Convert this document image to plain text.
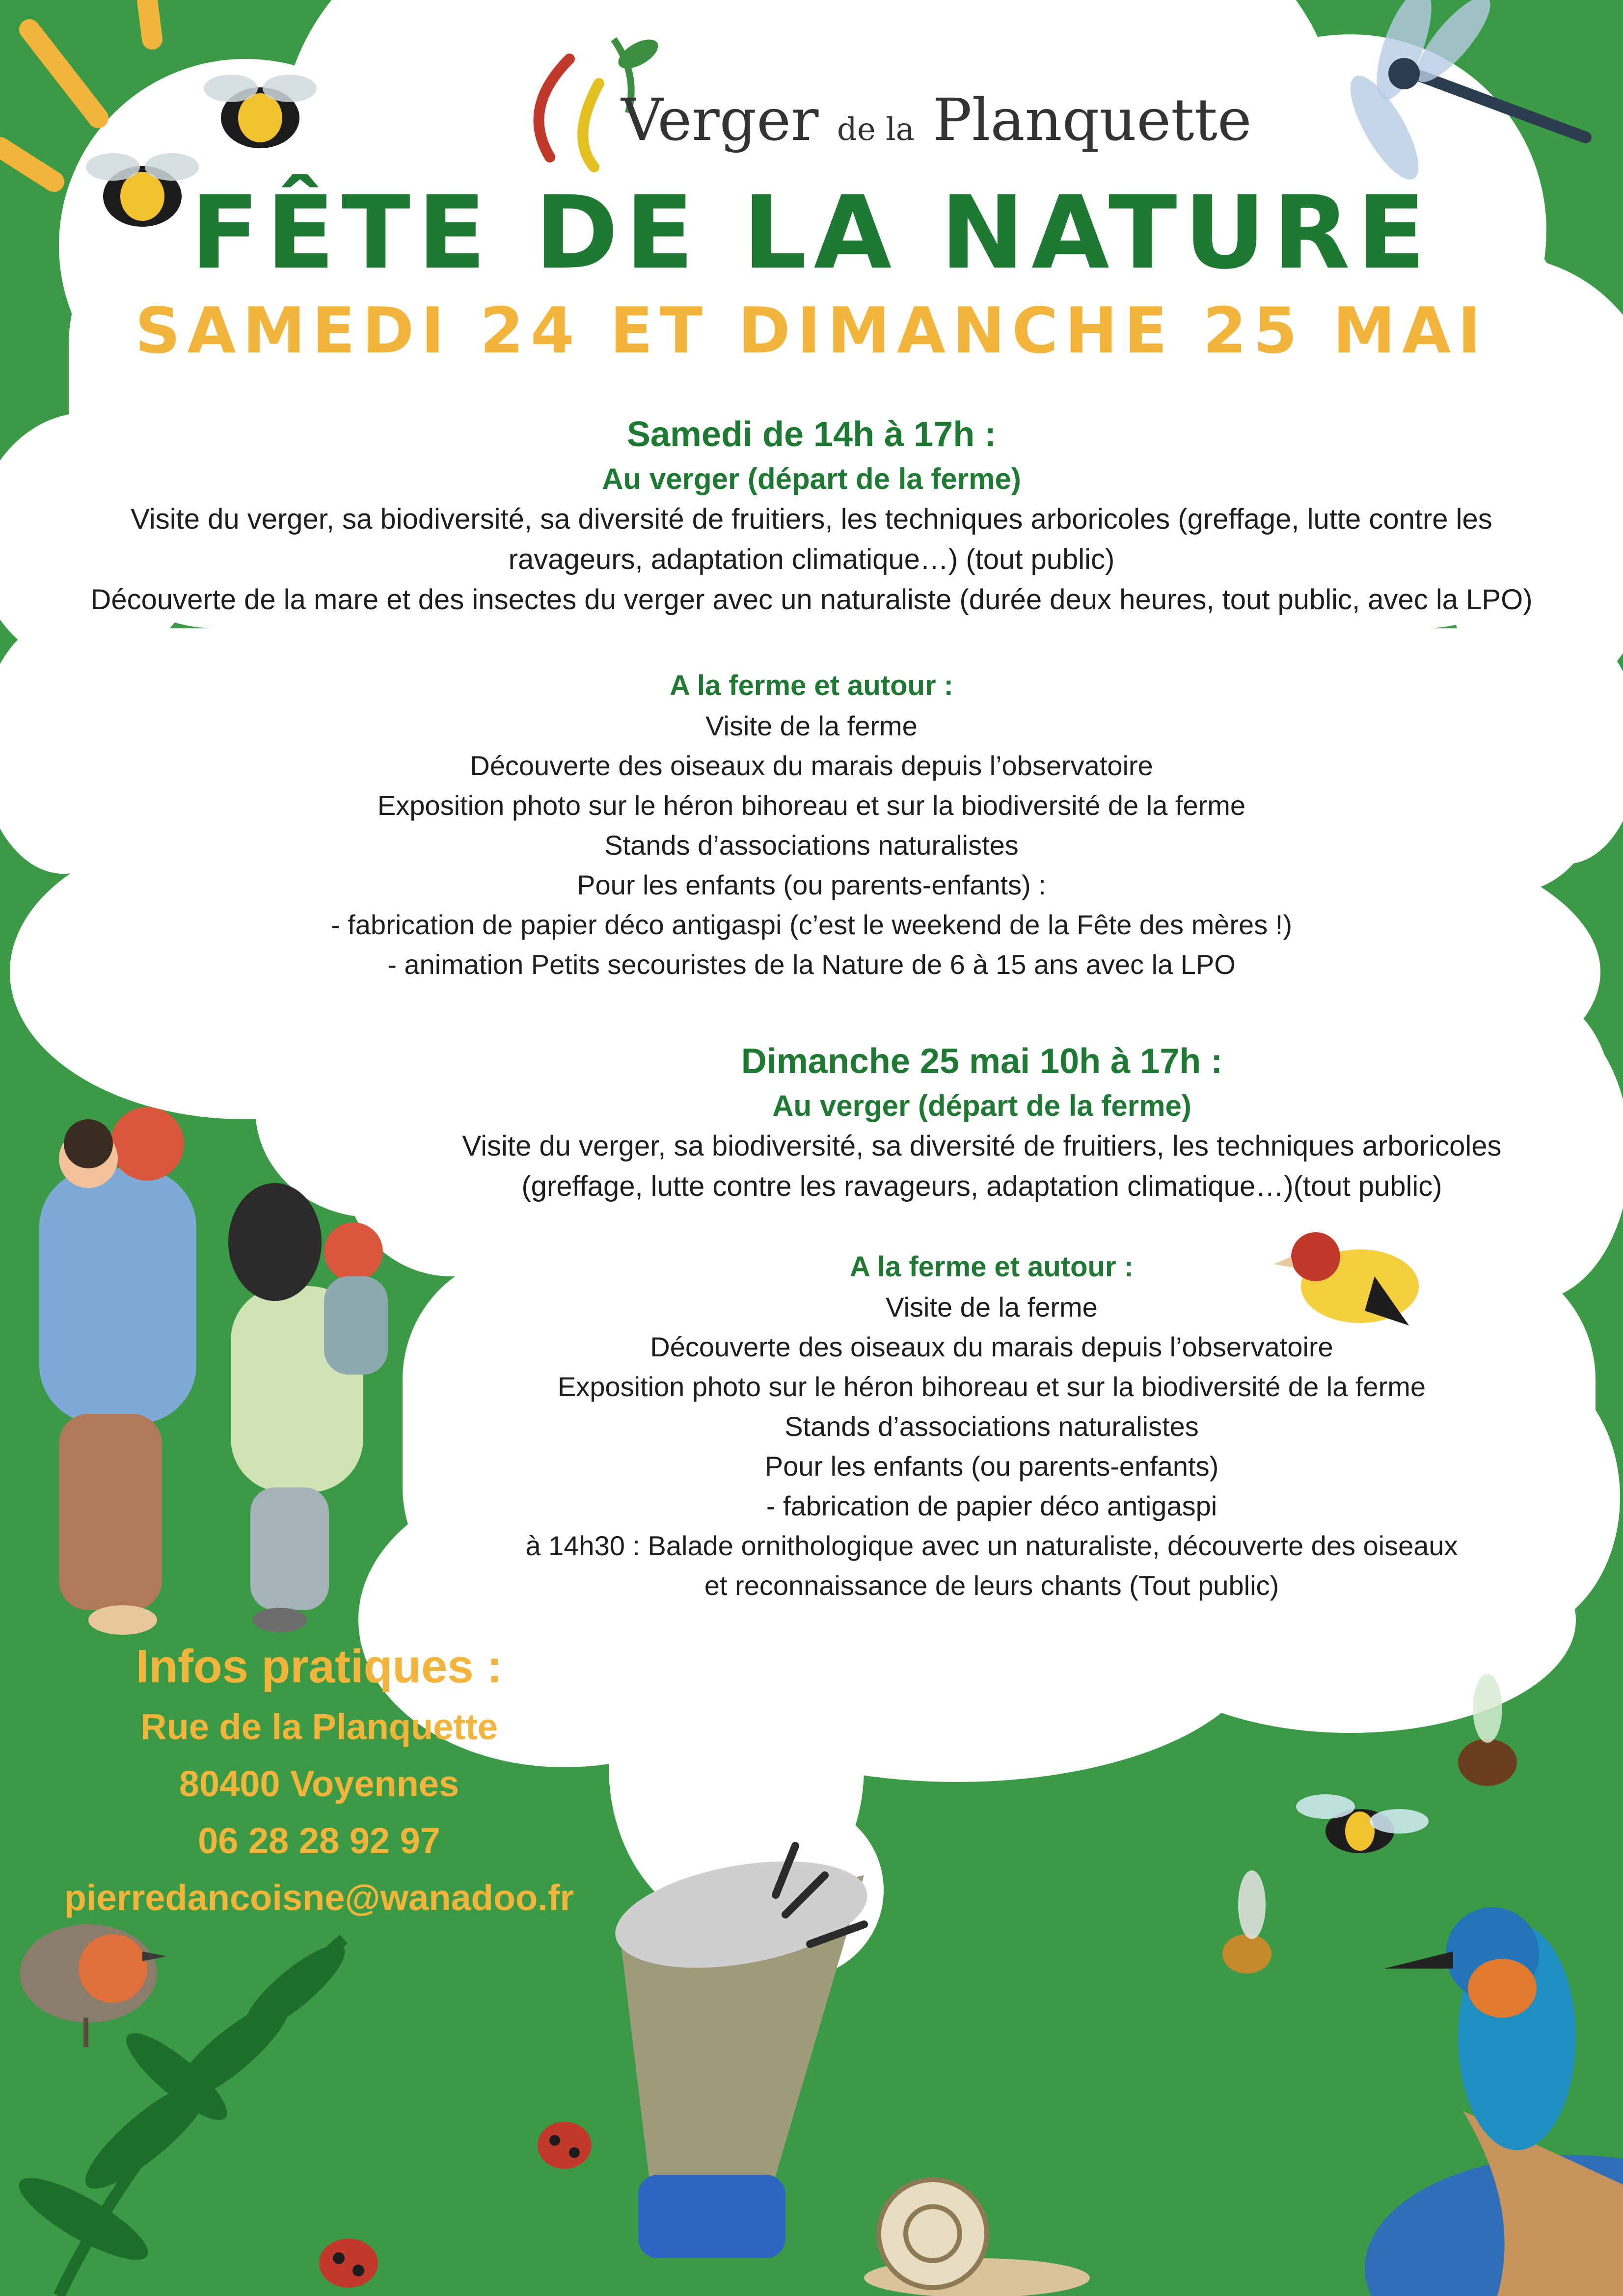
Verger de la Planquette
FÊTE DE LA NATURE
SAMEDI 24 ET DIMANCHE 25 MAI
Samedi de 14h à 17h :
Au verger (départ de la ferme)
Visite du verger, sa biodiversité, sa diversité de fruitiers, les techniques arboricoles (greffage, lutte contre les
ravageurs, adaptation climatique…) (tout public)
Découverte de la mare et des insectes du verger avec un naturaliste (durée deux heures, tout public, avec la LPO)
A la ferme et autour :
Visite de la ferme
Découverte des oiseaux du marais depuis l’observatoire
Exposition photo sur le héron bihoreau et sur la biodiversité de la ferme
Stands d’associations naturalistes
Pour les enfants (ou parents-enfants) :
- fabrication de papier déco antigaspi (c’est le weekend de la Fête des mères !)
- animation Petits secouristes de la Nature de 6 à 15 ans avec la LPO
Dimanche 25 mai 10h à 17h :
Au verger (départ de la ferme)
Visite du verger, sa biodiversité, sa diversité de fruitiers, les techniques arboricoles
(greffage, lutte contre les ravageurs, adaptation climatique…)(tout public)
A la ferme et autour :
Visite de la ferme
Découverte des oiseaux du marais depuis l’observatoire
Exposition photo sur le héron bihoreau et sur la biodiversité de la ferme
Stands d’associations naturalistes
Pour les enfants (ou parents-enfants)
- fabrication de papier déco antigaspi
à 14h30 : Balade ornithologique avec un naturaliste, découverte des oiseaux
et reconnaissance de leurs chants (Tout public)
Infos pratiques :
Rue de la Planquette
80400 Voyennes
06 28 28 92 97
pierredancoisne@wanadoo.fr
